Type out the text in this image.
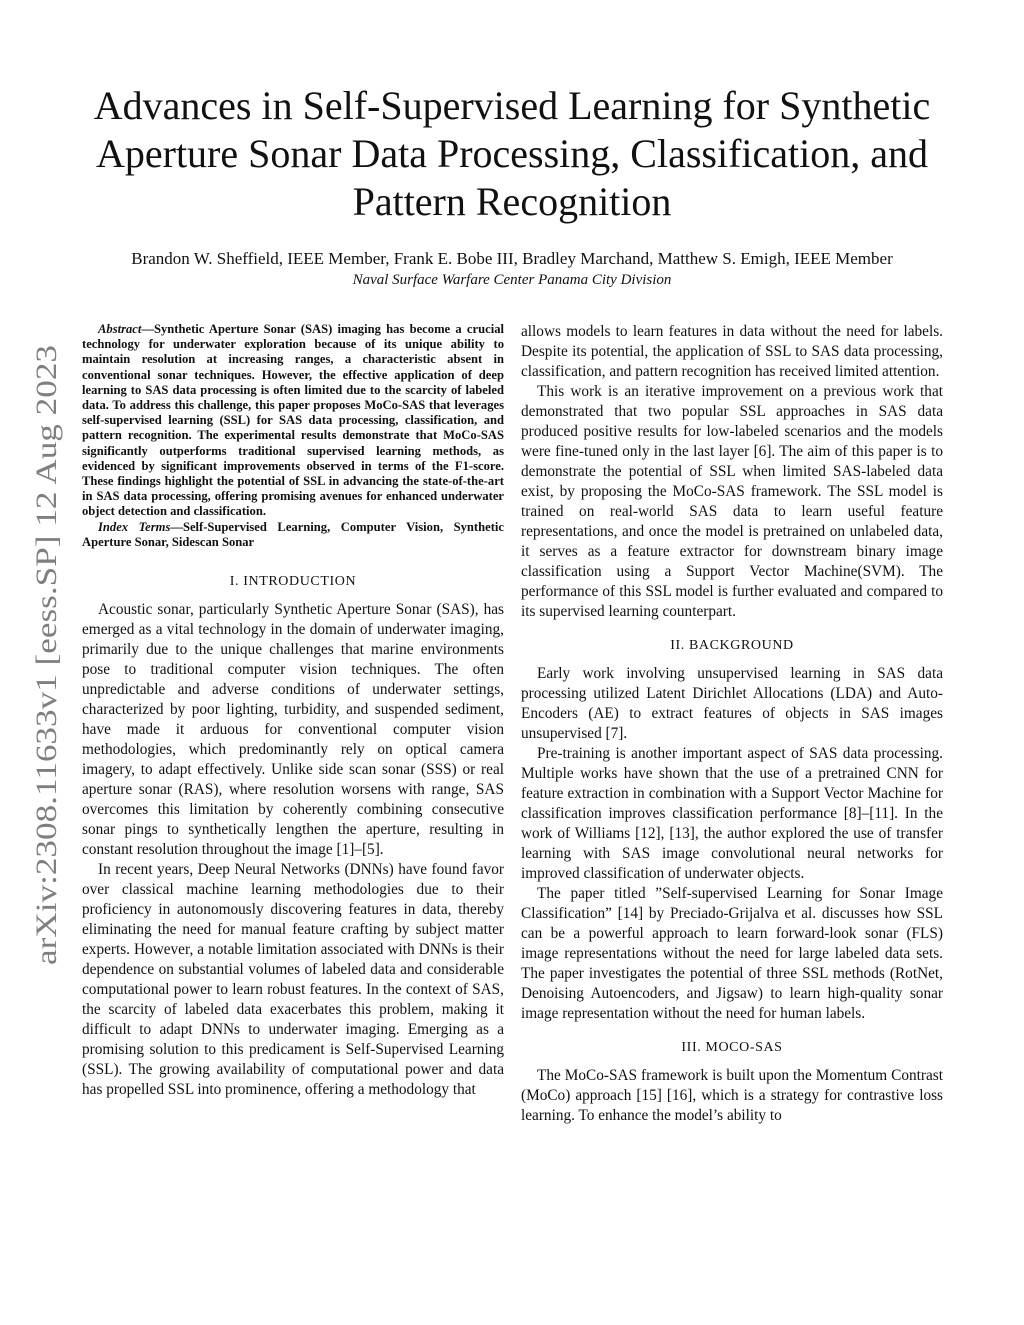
arXiv:2308.11633v1 [eess.SP] 12 Aug 2023
Advances in Self-Supervised Learning for Synthetic Aperture Sonar Data Processing, Classification, and Pattern Recognition
Brandon W. Sheffield, IEEE Member, Frank E. Bobe III, Bradley Marchand, Matthew S. Emigh, IEEE Member
Naval Surface Warfare Center Panama City Division

Abstract—Synthetic Aperture Sonar (SAS) imaging has become a crucial technology for underwater exploration because of its unique ability to maintain resolution at increasing ranges, a characteristic absent in conventional sonar techniques. However, the effective application of deep learning to SAS data processing is often limited due to the scarcity of labeled data. To address this challenge, this paper proposes MoCo-SAS that leverages self-supervised learning (SSL) for SAS data processing, classification, and pattern recognition. The experimental results demonstrate that MoCo-SAS significantly outperforms traditional supervised learning methods, as evidenced by significant improvements observed in terms of the F1-score. These findings highlight the potential of SSL in advancing the state-of-the-art in SAS data processing, offering promising avenues for enhanced underwater object detection and classification.

Index Terms—Self-Supervised Learning, Computer Vision, Synthetic Aperture Sonar, Sidescan Sonar

I. INTRODUCTION

Acoustic sonar, particularly Synthetic Aperture Sonar (SAS), has emerged as a vital technology in the domain of underwater imaging, primarily due to the unique challenges that marine environments pose to traditional computer vision techniques. The often unpredictable and adverse conditions of underwater settings, characterized by poor lighting, turbidity, and suspended sediment, have made it arduous for conventional computer vision methodologies, which predominantly rely on optical camera imagery, to adapt effectively. Unlike side scan sonar (SSS) or real aperture sonar (RAS), where resolution worsens with range, SAS overcomes this limitation by coherently combining consecutive sonar pings to synthetically lengthen the aperture, resulting in constant resolution throughout the image [1]–[5].

In recent years, Deep Neural Networks (DNNs) have found favor over classical machine learning methodologies due to their proficiency in autonomously discovering features in data, thereby eliminating the need for manual feature crafting by subject matter experts. However, a notable limitation associated with DNNs is their dependence on substantial volumes of labeled data and considerable computational power to learn robust features. In the context of SAS, the scarcity of labeled data exacerbates this problem, making it difficult to adapt DNNs to underwater imaging. Emerging as a promising solution to this predicament is Self-Supervised Learning (SSL). The growing availability of computational power and data has propelled SSL into prominence, offering a methodology that

allows models to learn features in data without the need for labels. Despite its potential, the application of SSL to SAS data processing, classification, and pattern recognition has received limited attention.

This work is an iterative improvement on a previous work that demonstrated that two popular SSL approaches in SAS data produced positive results for low-labeled scenarios and the models were fine-tuned only in the last layer [6]. The aim of this paper is to demonstrate the potential of SSL when limited SAS-labeled data exist, by proposing the MoCo-SAS framework. The SSL model is trained on real-world SAS data to learn useful feature representations, and once the model is pretrained on unlabeled data, it serves as a feature extractor for downstream binary image classification using a Support Vector Machine(SVM). The performance of this SSL model is further evaluated and compared to its supervised learning counterpart.

II. BACKGROUND

Early work involving unsupervised learning in SAS data processing utilized Latent Dirichlet Allocations (LDA) and Auto-Encoders (AE) to extract features of objects in SAS images unsupervised [7].

Pre-training is another important aspect of SAS data processing. Multiple works have shown that the use of a pretrained CNN for feature extraction in combination with a Support Vector Machine for classification improves classification performance [8]–[11]. In the work of Williams [12], [13], the author explored the use of transfer learning with SAS image convolutional neural networks for improved classification of underwater objects.

The paper titled ”Self-supervised Learning for Sonar Image Classification” [14] by Preciado-Grijalva et al. discusses how SSL can be a powerful approach to learn forward-look sonar (FLS) image representations without the need for large labeled data sets. The paper investigates the potential of three SSL methods (RotNet, Denoising Autoencoders, and Jigsaw) to learn high-quality sonar image representation without the need for human labels.

III. MOCO-SAS

The MoCo-SAS framework is built upon the Momentum Contrast (MoCo) approach [15] [16], which is a strategy for contrastive loss learning. To enhance the model’s ability to
